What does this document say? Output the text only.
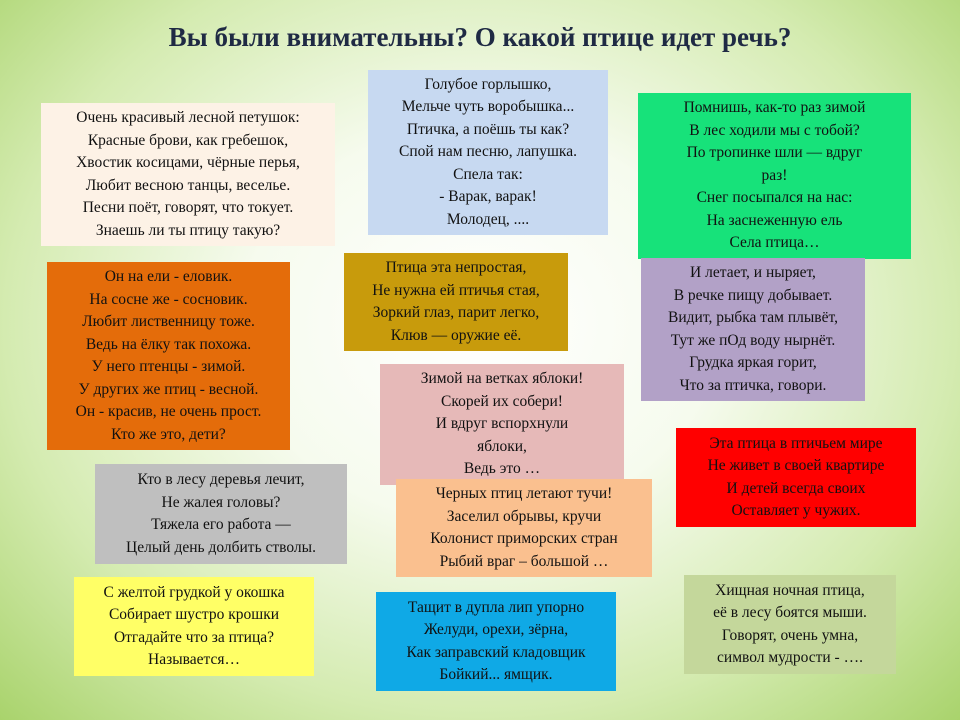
Вы были внимательны? О какой птице идет речь?
Очень красивый лесной петушок:
Красные брови, как гребешок,
Хвостик косицами, чёрные перья,
Любит весною танцы, веселье.
Песни поёт, говорят, что токует.
Знаешь ли ты птицу такую?
Голубое горлышко,
Мельче чуть воробышка...
Птичка, а поёшь ты как?
Спой нам песню, лапушка.
Спела так:
- Варак, варак!
Молодец, ....
Помнишь, как-то раз зимой
В лес ходили мы с тобой?
По тропинке шли — вдруг
раз!
Снег посыпался на нас:
На заснеженную ель
Села птица…
Он на ели - еловик.
На сосне же - сосновик.
Любит лиственницу тоже.
Ведь на ёлку так похожа.
У него птенцы - зимой.
У других же птиц - весной.
Он - красив, не очень прост.
Кто же это, дети?
Птица эта непростая,
Не нужна ей птичья стая,
Зоркий глаз, парит легко,
Клюв — оружие её.
И летает, и ныряет,
В речке пищу добывает.
Видит, рыбка там плывёт,
Тут же пОд воду нырнёт.
Грудка яркая горит,
Что за птичка, говори.
Зимой на ветках яблоки!
Скорей их собери!
И вдруг вспорхнули
яблоки,
Ведь это …
Эта птица в птичьем мире
Не живет в своей квартире
И детей всегда своих
Оставляет у чужих.
Кто в лесу деревья лечит,
Не жалея головы?
Тяжела его работа —
Целый день долбить стволы.
Черных птиц летают тучи!
Заселил обрывы, кручи
Колонист приморских стран
Рыбий враг – большой …
С желтой грудкой у окошка
Собирает шустро крошки
Отгадайте что за птица?
Называется…
Тащит в дупла лип упорно
Желуди, орехи, зёрна,
Как заправский кладовщик
Бойкий... ямщик.
Хищная ночная птица,
её в лесу боятся мыши.
Говорят, очень умна,
символ мудрости - ….
